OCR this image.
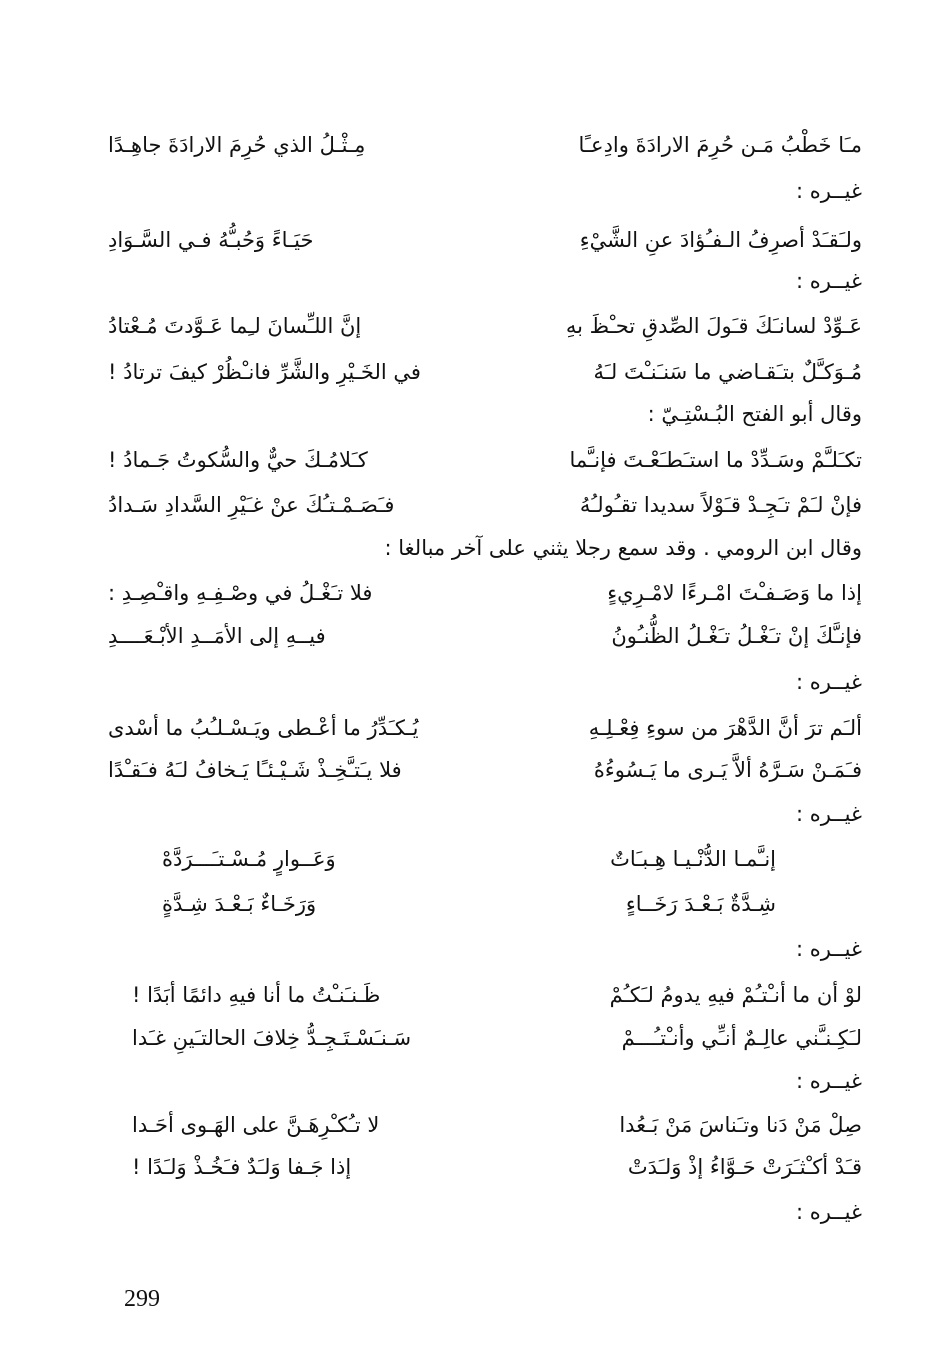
مـَا خَطْبُ مَـن حُرِمَ الارادَةَ وادِعـًا
مِـثْـلُ الذي حُرِمَ الارادَةَ جاهِـدًا
غيــره :
ولـَقـَدْ أصرِفُ الـفـُؤادَ عنِ الشَّيْءِ
حَيَـاءً وَحُبـُّهُ فـي السَّـوَادِ
غيــره :
عَـوِّدْ لسانـَكَ قـَولَ الصِّدقِ تحـْظَ بهِ
إنَّ اللـِّسانَ لـِما عَـوَّدتَ مُـعْتادُ
مُـوَكـَّلٌ بتـَقـاضي ما سَنـَنـْتَ لـَهُ
في الخَـيْرِ والشَّرِّ فانـْظُرْ كيفَ ترتادُ !
وقال أبو الفتح البُـسْتِـيّ :
تكـَلـَّمْ وسَـدِّدْ ما استـَطـَعْـتَ فإنـَّما
كـَلامُـكَ حيٌّ والسُّكوتُ جَـمادُ !
فإنْ لـَمْ تـَجِـدْ قـَوْلاً سديدا تقـُولـُهُ
فـَصَـمْـتـُكَ عنْ غـَيْرِ السَّدادِ سَـدادُ
وقال ابن الرومي . وقد سمع رجلا يثني على آخر مبالغا :
إذا ما وَصَـفـْتَ امْـرءًا لامْـرِيءٍ
فلا تـَغْـلُ في وصْـفِـهِ واقـْصِـدِ :
فإنـَّكَ إنْ تـَغْـلُ تـَغْـلُ الظُّنـُونُ
فيــهِ إلى الأمَــدِ الأبْـعَــــدِ
غيــره :
ألـَم ترَ أنَّ الدَّهْرَ من سوءِ فِعْـلِـهِ
يُـكـَدِّرُ ما أعْـطى ويَـسْـلـُبُ ما أسْدى
فـَمَـنْ سَـرَّهُ ألاَّ يَـرى ما يَـسُوءُهُ
فلا يـَتـَّخِـذْ شَـيْـئـًا يَـخافُ لـَهُ فـَقـْدًا
غيــره :
إنـَّمـا الدُّنْـيـا هِـبـَاتٌ
وَعَــوارٍ مُـسْـتـَـــرَدَّهْ
شِـدَّةٌ بَـعْـدَ رَخَــاءٍ
وَرَخَـاءٌ بَـعْـدَ شِـدَّةٍ
غيــره :
لوْ أن ما أنـْتـُمْ فيهِ يدومُ لـَكـُمْ
ظَـنـَنـْتُ ما أنا فيهِ دائمًا أبَدًا !
لـَكِـنـَّني عالِـمٌ أنـِّي وأنـْتـُـــمْ
سَـنـَسْـتَـجِـدُّ خِلافَ الحالتـَينِ غـَدا
غيــره :
صِلْ مَنْ دَنا وتـَناسَ مَنْ بَـعُدا
لا تـُكـْرِهَـنَّ على الهَـوى أحَـدا
قـَدْ أكـْثـَرَتْ حَـوَّاءُ إذْ وَلـَدَتْ
إذا جَـفا وَلـَدٌ فـَخُـذْ وَلـَدًا !
غيــره :
299
